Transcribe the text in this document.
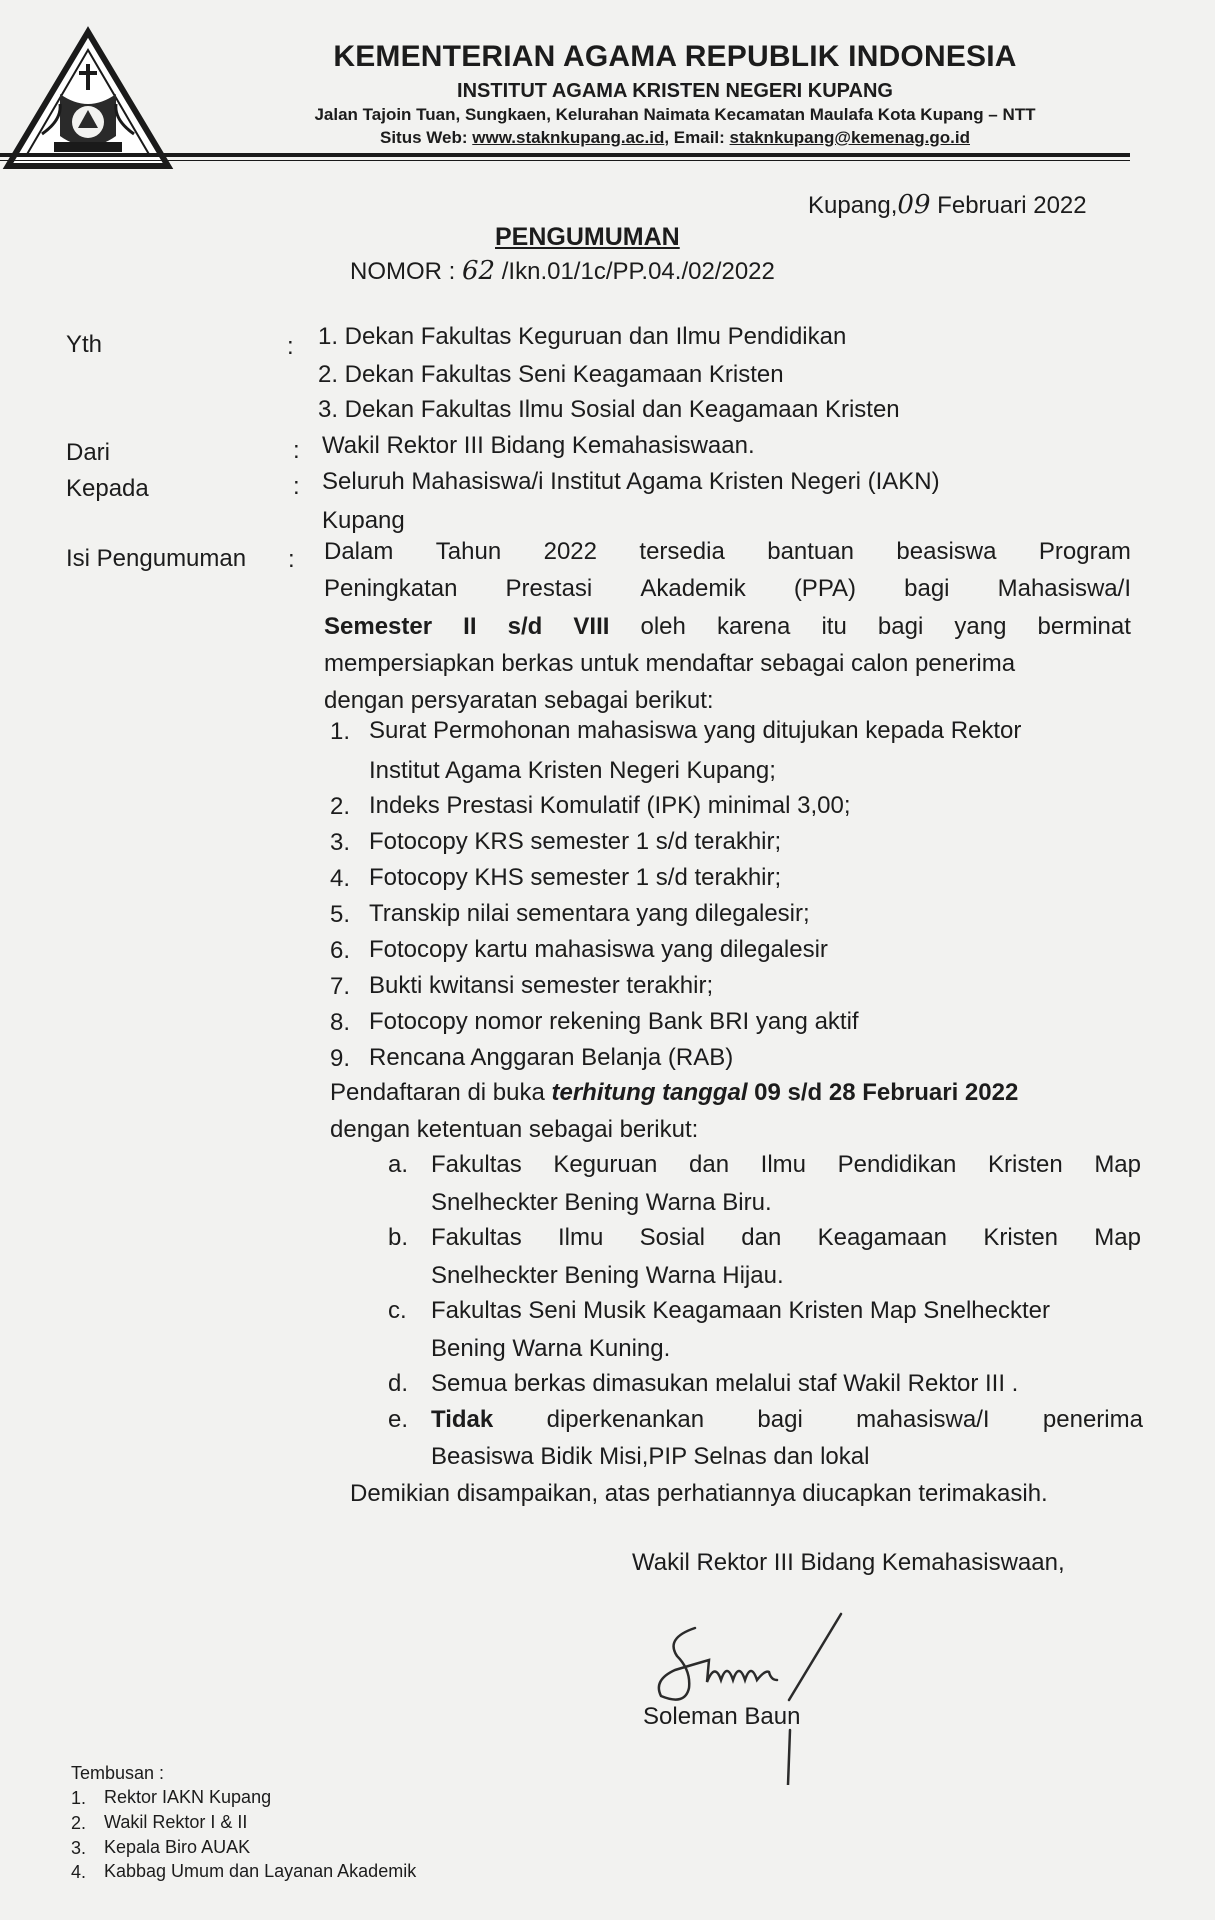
KEMENTERIAN AGAMA REPUBLIK INDONESIA
INSTITUT AGAMA KRISTEN NEGERI KUPANG
Jalan Tajoin Tuan, Sungkaen, Kelurahan Naimata Kecamatan Maulafa Kota Kupang – NTT
Situs Web: www.staknkupang.ac.id, Email: staknkupang@kemenag.go.id
Kupang,09 Februari 2022
PENGUMUMAN
NOMOR : 62 /Ikn.01/1c/PP.04./02/2022
Yth	: 1. Dekan Fakultas Keguruan dan Ilmu Pendidikan
2. Dekan Fakultas Seni Keagamaan Kristen
3. Dekan Fakultas Ilmu Sosial dan Keagamaan Kristen
Dari	: Wakil Rektor III Bidang Kemahasiswaan.
Kepada	: Seluruh Mahasiswa/i Institut Agama Kristen Negeri (IAKN)
Kupang
Isi Pengumuman : Dalam Tahun 2022 tersedia bantuan beasiswa Program
Peningkatan Prestasi Akademik (PPA) bagi Mahasiswa/I
Semester II s/d VIII oleh karena itu bagi yang berminat
mempersiapkan berkas untuk mendaftar sebagai calon penerima
dengan persyaratan sebagai berikut:
1. Surat Permohonan mahasiswa yang ditujukan kepada Rektor
Institut Agama Kristen Negeri Kupang;
2. Indeks Prestasi Komulatif (IPK) minimal 3,00;
3. Fotocopy KRS semester 1 s/d terakhir;
4. Fotocopy KHS semester 1 s/d terakhir;
5. Transkip nilai sementara yang dilegalesir;
6. Fotocopy kartu mahasiswa yang dilegalesir
7. Bukti kwitansi semester terakhir;
8. Fotocopy nomor rekening Bank BRI yang aktif
9. Rencana Anggaran Belanja (RAB)
Pendaftaran di buka terhitung tanggal 09 s/d 28 Februari 2022
dengan ketentuan sebagai berikut:
a. Fakultas Keguruan dan Ilmu Pendidikan Kristen Map
Snelheckter Bening Warna Biru.
b. Fakultas Ilmu Sosial dan Keagamaan Kristen Map
Snelheckter Bening Warna Hijau.
c. Fakultas Seni Musik Keagamaan Kristen Map Snelheckter
Bening Warna Kuning.
d. Semua berkas dimasukan melalui staf Wakil Rektor III .
e. Tidak diperkenankan bagi mahasiswa/I penerima
Beasiswa Bidik Misi,PIP Selnas dan lokal
Demikian disampaikan, atas perhatiannya diucapkan terimakasih.
Wakil Rektor III Bidang Kemahasiswaan,
Soleman Baun
Tembusan :
1. Rektor IAKN Kupang
2. Wakil Rektor I & II
3. Kepala Biro AUAK
4. Kabbag Umum dan Layanan Akademik
